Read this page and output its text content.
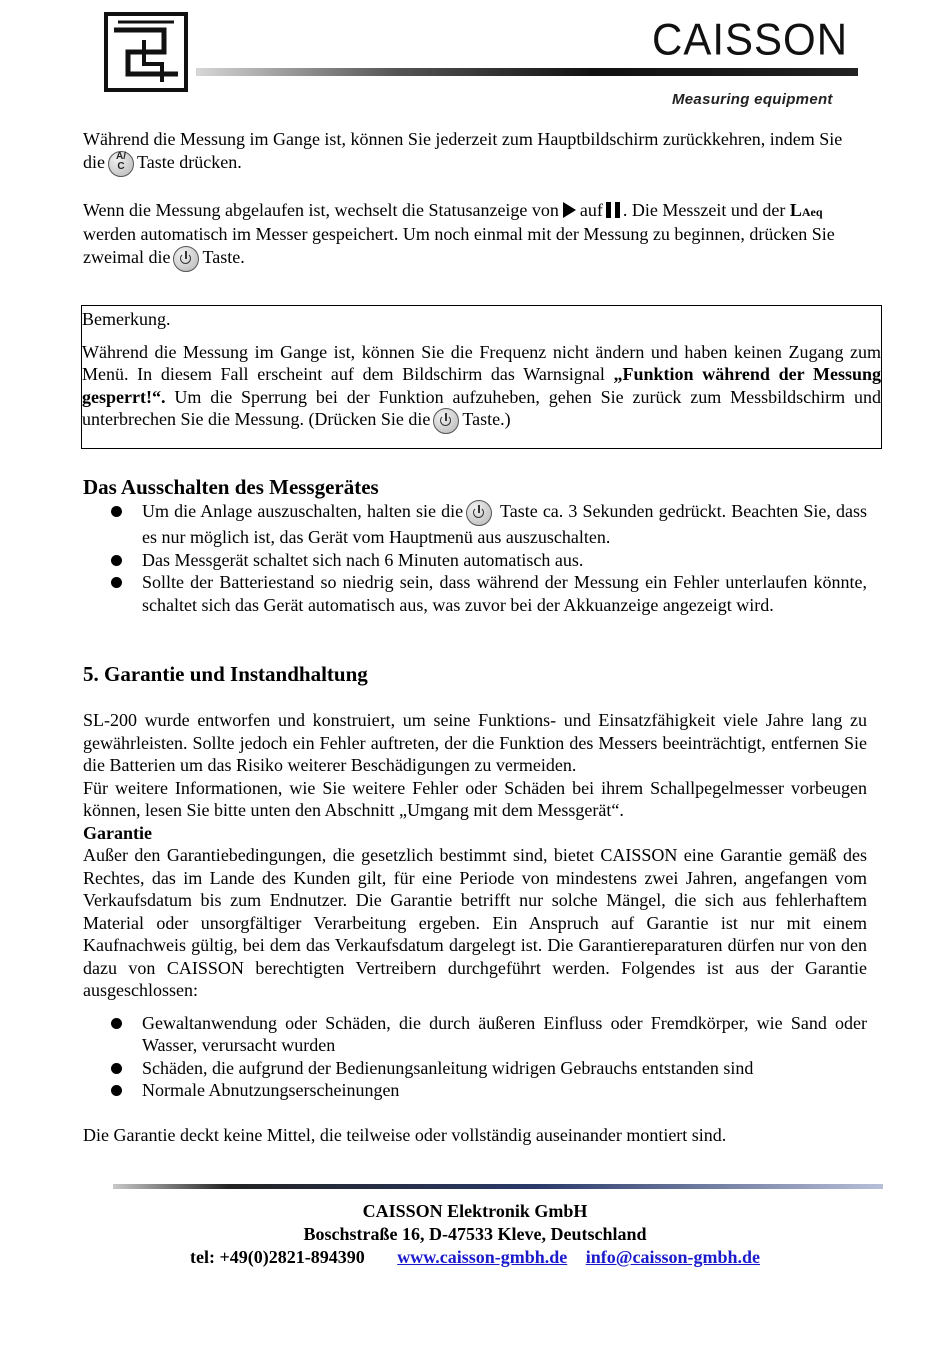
CAISSON
Measuring equipment

Während die Messung im Gange ist, können Sie jederzeit zum Hauptbildschirm zurückkehren, indem Sie die	A/
C Taste drücken.

Wenn die Messung abgelaufen ist, wechselt die Statusanzeige von auf . Die Messzeit und der LAeq werden automatisch im Messer gespeichert. Um noch einmal mit der Messung zu beginnen, drücken Sie zweimal die Taste.

Bemerkung.

Während die Messung im Gange ist, können Sie die Frequenz nicht ändern und haben keinen Zugang zum Menü. In diesem Fall erscheint auf dem Bildschirm das Warnsignal „Funktion während der Messung gesperrt!“. Um die Sperrung bei der Funktion aufzuheben, gehen Sie zurück zum Messbildschirm und unterbrechen Sie die Messung. (Drücken Sie die Taste.)

Das Ausschalten des Messgerätes
Um die Anlage auszuschalten, halten sie die Taste ca. 3 Sekunden gedrückt. Beachten Sie, dass es nur möglich ist, das Gerät vom Hauptmenü aus auszuschalten.
Das Messgerät schaltet sich nach 6 Minuten automatisch aus.
Sollte der Batteriestand so niedrig sein, dass während der Messung ein Fehler unterlaufen könnte, schaltet sich das Gerät automatisch aus, was zuvor bei der Akkuanzeige angezeigt wird.
5. Garantie und Instandhaltung

SL-200 wurde entworfen und konstruiert, um seine Funktions- und Einsatzfähigkeit viele Jahre lang zu gewährleisten. Sollte jedoch ein Fehler auftreten, der die Funktion des Messers beeinträchtigt, entfernen Sie die Batterien um das Risiko weiterer Beschädigungen zu vermeiden.

Für weitere Informationen, wie Sie weitere Fehler oder Schäden bei ihrem Schallpegelmesser vorbeugen können, lesen Sie bitte unten den Abschnitt „Umgang mit dem Messgerät“.

Garantie

Außer den Garantiebedingungen, die gesetzlich bestimmt sind, bietet CAISSON eine Garantie gemäß des Rechtes, das im Lande des Kunden gilt, für eine Periode von mindestens zwei Jahren, angefangen vom Verkaufsdatum bis zum Endnutzer. Die Garantie betrifft nur solche Mängel, die sich aus fehlerhaftem Material oder unsorgfältiger Verarbeitung ergeben. Ein Anspruch auf Garantie ist nur mit einem Kaufnachweis gültig, bei dem das Verkaufsdatum dargelegt ist. Die Garantiereparaturen dürfen nur von den dazu von CAISSON berechtigten Vertreibern durchgeführt werden. Folgendes ist aus der Garantie ausgeschlossen:

Gewaltanwendung oder Schäden, die durch äußeren Einfluss oder Fremdkörper, wie Sand oder Wasser, verursacht wurden
Schäden, die aufgrund der Bedienungsanleitung widrigen Gebrauchs entstanden sind
Normale Abnutzungserscheinungen

Die Garantie deckt keine Mittel, die teilweise oder vollständig auseinander montiert sind.

CAISSON Elektronik GmbH
Boschstraße 16, D-47533 Kleve, Deutschland
tel: +49(0)2821-894390 www.caisson-gmbh.de info@caisson-gmbh.de
